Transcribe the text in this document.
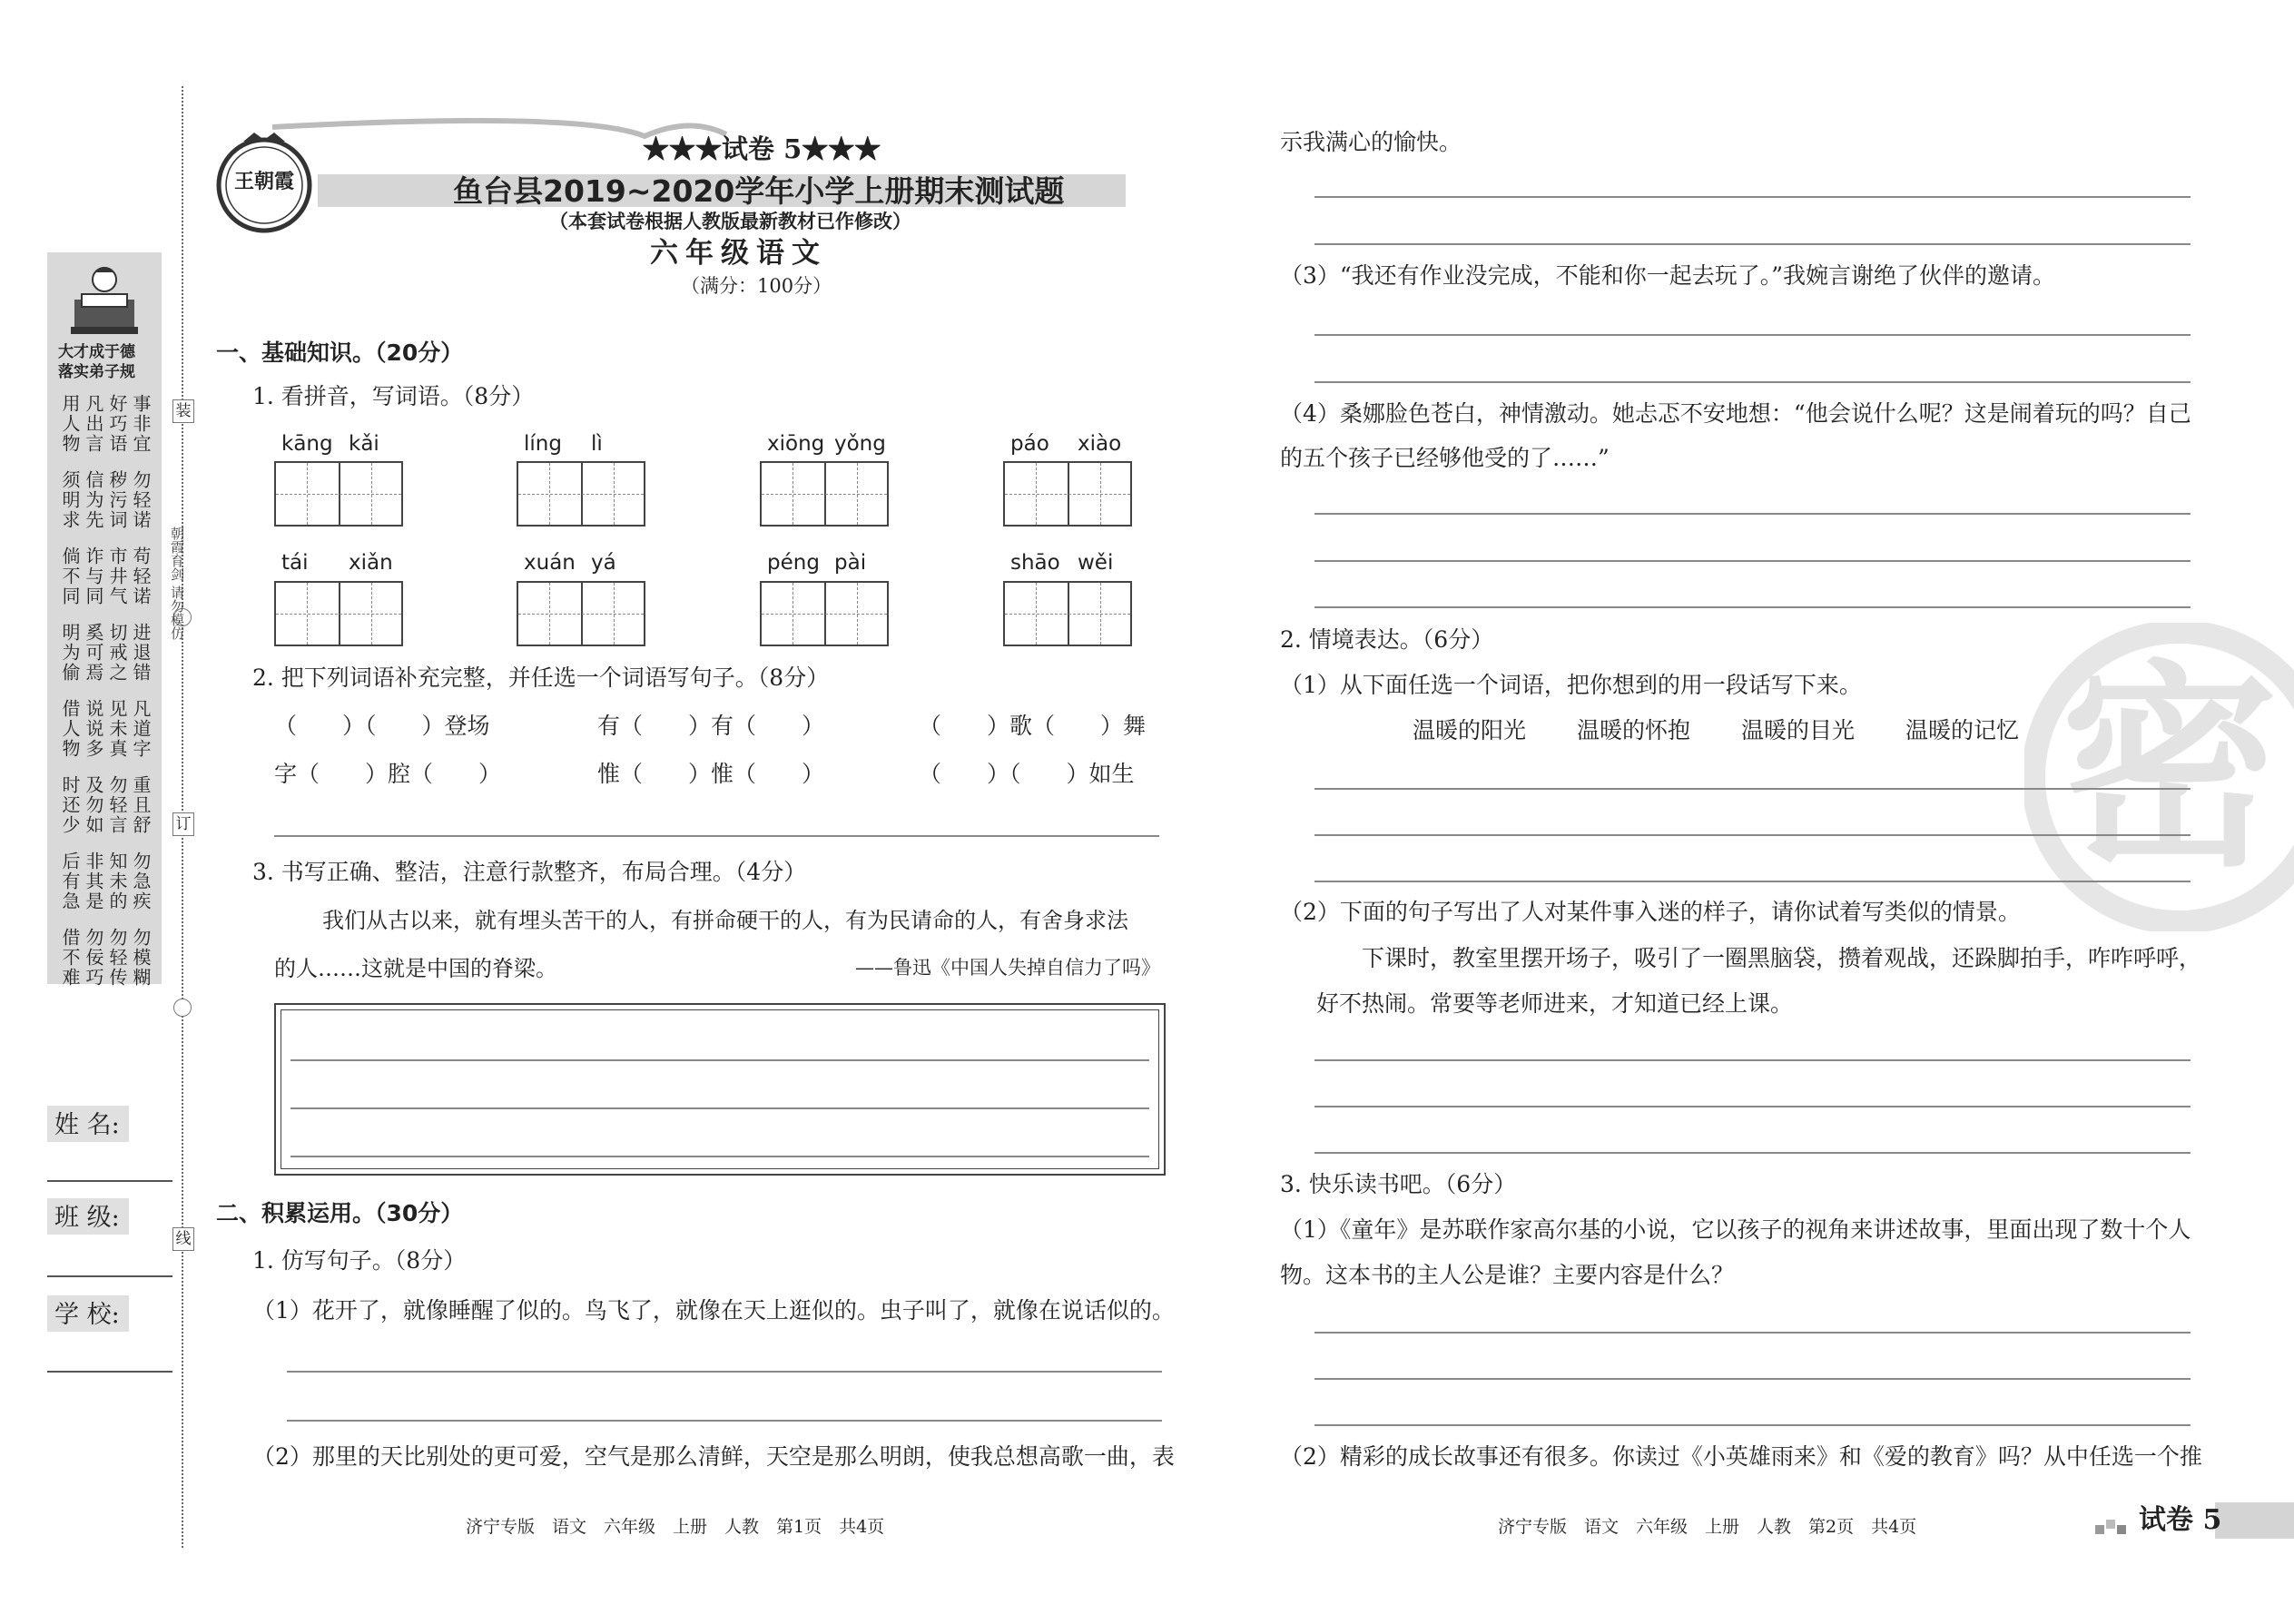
大才成于德
落实弟子规
用人物 凡出言 好巧语 事非宜
须明求 信为先 秽污词 勿轻诺
倘不同 诈与同 市井气 苟轻诺
明为偷 奚可焉 切戒之 进退错
借人物 说说多 见未真 凡道字
时还少 及勿如 勿轻言 重且舒
后有急 非其是 知未的 勿急疾
借不难 勿佞巧 勿轻传 勿模糊
装
订
线
朝霞育剑 请勿模仿
姓 名:
班 级:
学 校:
王朝霞
★★★试卷 5★★★
鱼台县2019~2020学年小学上册期末测试题
（本套试卷根据人教版最新教材已作修改）
六年级语文
（满分：100分）
一、基础知识。（20分）
1. 看拼音，写词语。（8分）
kāng kǎi	líng lì	xiōng yǒng	páo xiào
tái xiǎn	xuán yá	péng pài	shāo wěi
2. 把下列词语补充完整，并任选一个词语写句子。（8分）
（　　）（　　）登场	有（　　）有（　　）	（　　）歌（　　）舞
字（　　）腔（　　）	惟（　　）惟（　　）	（　　）（　　）如生
3. 书写正确、整洁，注意行款整齐，布局合理。（4分）
我们从古以来，就有埋头苦干的人，有拼命硬干的人，有为民请命的人，有舍身求法
的人……这就是中国的脊梁。	——鲁迅《中国人失掉自信力了吗》
二、积累运用。（30分）
1. 仿写句子。（8分）
（1）花开了，就像睡醒了似的。鸟飞了，就像在天上逛似的。虫子叫了，就像在说话似的。
（2）那里的天比别处的更可爱，空气是那么清鲜，天空是那么明朗，使我总想高歌一曲，表
济宁专版　语文　六年级　上册　人教　第1页　共4页
密
示我满心的愉快。
（3）“我还有作业没完成，不能和你一起去玩了。”我婉言谢绝了伙伴的邀请。
（4）桑娜脸色苍白，神情激动。她忐忑不安地想：“他会说什么呢？这是闹着玩的吗？自己
的五个孩子已经够他受的了……”
2. 情境表达。（6分）
（1）从下面任选一个词语，把你想到的用一段话写下来。
温暖的阳光 温暖的怀抱 温暖的目光 温暖的记忆
（2）下面的句子写出了人对某件事入迷的样子，请你试着写类似的情景。
下课时，教室里摆开场子，吸引了一圈黑脑袋，攒着观战，还跺脚拍手，咋咋呼呼，
好不热闹。常要等老师进来，才知道已经上课。
3. 快乐读书吧。（6分）
（1）《童年》是苏联作家高尔基的小说，它以孩子的视角来讲述故事，里面出现了数十个人
物。这本书的主人公是谁？主要内容是什么？
（2）精彩的成长故事还有很多。你读过《小英雄雨来》和《爱的教育》吗？从中任选一个推
济宁专版　语文　六年级　上册　人教　第2页　共4页	试卷 5
